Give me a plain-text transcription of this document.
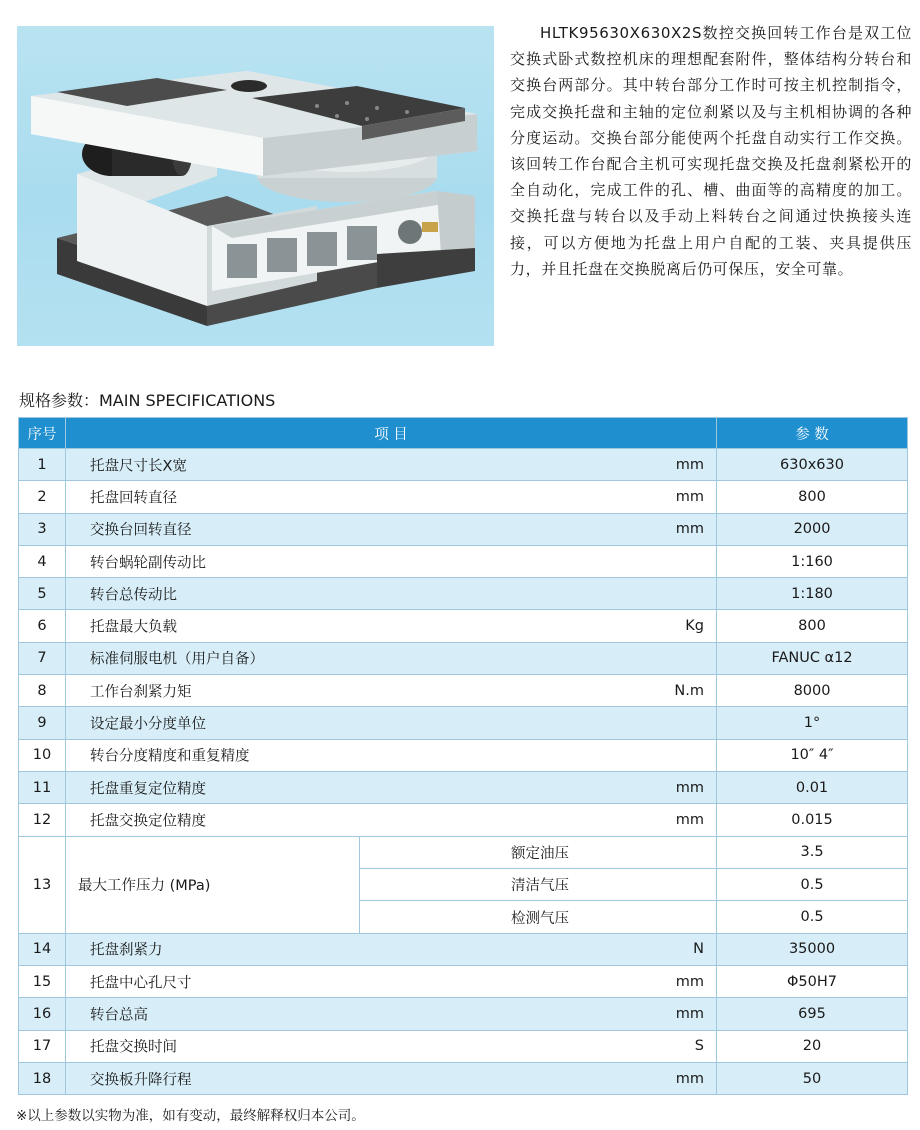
HLTK95630X630X2S数控交换回转工作台是双工位交换式卧式数控机床的理想配套附件，整体结构分转台和交换台两部分。其中转台部分工作时可按主机控制指令，完成交换托盘和主轴的定位刹紧以及与主机相协调的各种分度运动。交换台部分能使两个托盘自动实行工作交换。该回转工作台配合主机可实现托盘交换及托盘刹紧松开的全自动化，完成工件的孔、槽、曲面等的高精度的加工。交换托盘与转台以及手动上料转台之间通过快换接头连接，可以方便地为托盘上用户自配的工装、夹具提供压力，并且托盘在交换脱离后仍可保压，安全可靠。

规格参数：MAIN SPECIFICATIONS
序号	项 目		参 数
1	托盘尺寸长X宽 mm		630x630
2	托盘回转直径 mm		800
3	交换台回转直径 mm		2000
4	转台蜗轮副传动比		1:160
5	转台总传动比		1:180
6	托盘最大负载 Kg		800
7	标准伺服电机（用户自备）		FANUC α12
8	工作台刹紧力矩 N.m		8000
9	设定最小分度单位		1°
10	转台分度精度和重复精度		10″ 4″
11	托盘重复定位精度 mm		0.01
12	托盘交换定位精度 mm		0.015
13	最大工作压力 (MPa)	额定油压	3.5
		清洁气压	0.5
		检测气压	0.5
14	托盘刹紧力 N		35000
15	托盘中心孔尺寸 mm		Φ50H7
16	转台总高 mm		695
17	托盘交换时间 S		20
18	交换板升降行程 mm		50

※以上参数以实物为准，如有变动，最终解释权归本公司。
